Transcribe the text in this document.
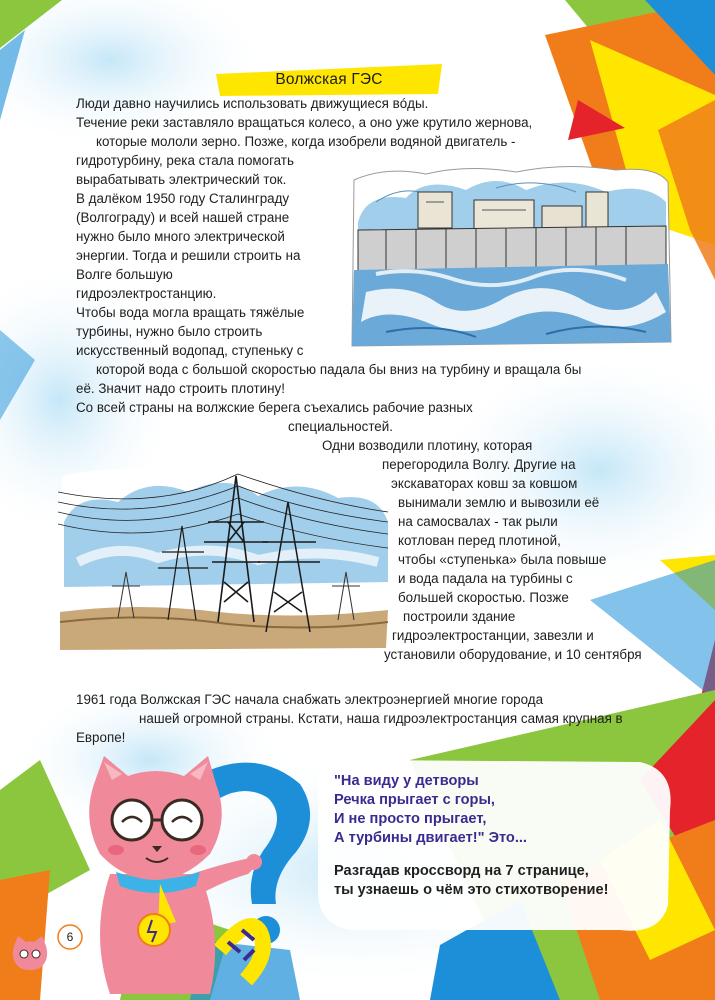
Волжская ГЭС
Люди давно научились использовать движущиеся вóды.
Течение реки заставляло вращаться колесо, а оно уже крутило жернова,
которые мололи зерно. Позже, когда изобрели водяной двигатель -
гидротурбину, река стала помогать
вырабатывать электрический ток.
В далёком 1950 году Сталинграду
(Волгограду) и всей нашей стране
нужно было много электрической
энергии. Тогда и решили строить на
Волге большую
гидроэлектростанцию.
Чтобы вода могла вращать тяжёлые
турбины, нужно было строить
искусственный водопад, ступеньку с
которой вода с большой скоростью падала бы вниз на турбину и вращала бы
её. Значит надо строить плотину!
Со всей страны на волжские берега съехались рабочие разных
специальностей.
Одни возводили плотину, которая
перегородила Волгу. Другие на
экскаваторах ковш за ковшом
вынимали землю и вывозили её
на самосвалах - так рыли
котлован перед плотиной,
чтобы «ступенька» была повыше
и вода падала на турбины с
большей скоростью. Позже
построили здание
гидроэлектростанции, завезли и
установили оборудование, и 10 сентября
1961 года Волжская ГЭС начала снабжать электроэнергией многие города
нашей огромной страны. Кстати, наша гидроэлектростанция самая крупная в
Европе!
6
"На виду у детворы
Речка прыгает с горы,
И не просто прыгает,
А турбины двигает!" Это...
Разгадав кроссворд на 7 странице,
ты узнаешь о чём это стихотворение!
